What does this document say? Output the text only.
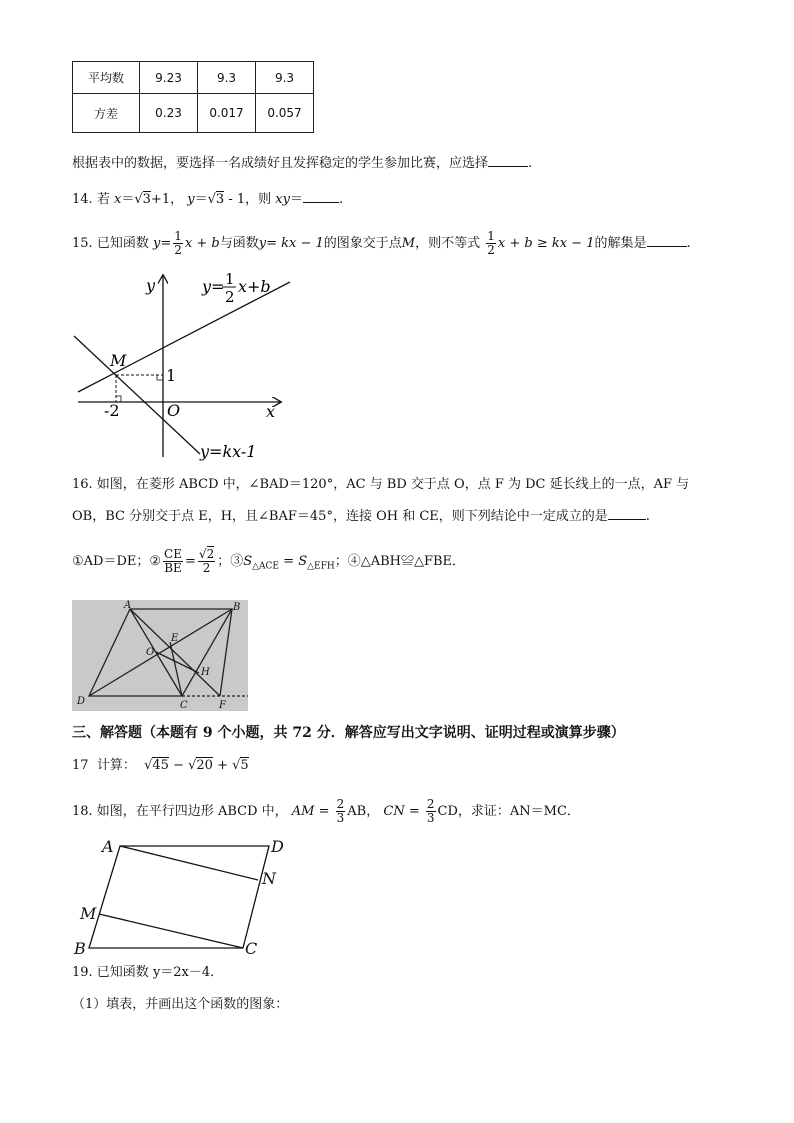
平均数	9.23	9.3	9.3
方差	0.23	0.017	0.057
根据表中的数据，要选择一名成绩好且发挥稳定的学生参加比赛，应选择	.
14. 若 x＝√3+1， y＝√3 - 1，则 xy＝	.
15. 已知函数 $y= \frac{1}{2}$ x + b与函数y= kx − 1的图象交于点M，则不等式 $\frac{1}{2}$ x + b ≥ kx − 1的解集是	.
y
x
O
M
-2
1
y= 1
2
x+b
y=kx-1
16. 如图，在菱形 ABCD 中，∠BAD＝120°，AC 与 BD 交于点 O，点 F 为 DC 延长线上的一点，AF 与
OB，BC 分别交于点 E，H，且∠BAF＝45°，连接 OH 和 CE，则下列结论中一定成立的是	.
①AD＝DE；② $\frac{CE}{BE} = \frac{√2}{2}$ ；$③S_{\triangle ACE} = S_{\triangle EFH}$；④△ABH≌△FBE．
A	B
C
D
E
F
H
O
三、解答题（本题有 9 个小题，共 72 分．解答应写出文字说明、证明过程或演算步骤）
17 计算：  √45 − √20 + √5
18. 如图，在平行四边形 ABCD 中， AM = $\frac{2}{3}$ AB， CN = $\frac{2}{3}$ CD，求证：AN＝MC．
A	D
N
M
B	C
19. 已知函数 y＝2x－4．
（1）填表，并画出这个函数的图象：
